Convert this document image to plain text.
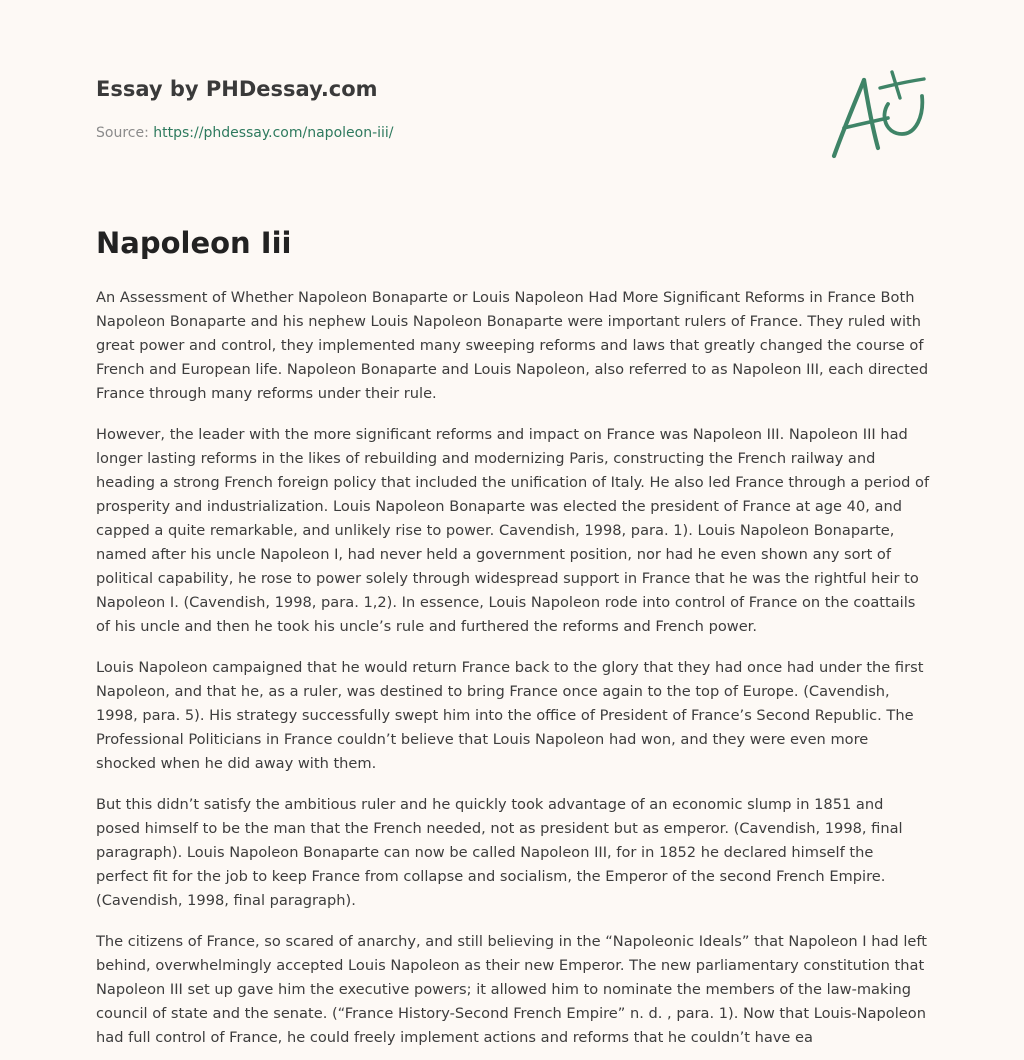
Essay by PHDessay.com
Source: https://phdessay.com/napoleon-iii/
Napoleon Iii

An Assessment of Whether Napoleon Bonaparte or Louis Napoleon Had More Significant Reforms in France Both Napoleon Bonaparte and his nephew Louis Napoleon Bonaparte were important rulers of France. They ruled with great power and control, they implemented many sweeping reforms and laws that greatly changed the course of French and European life. Napoleon Bonaparte and Louis Napoleon, also referred to as Napoleon III, each directed France through many reforms under their rule.

However, the leader with the more significant reforms and impact on France was Napoleon III. Napoleon III had longer lasting reforms in the likes of rebuilding and modernizing Paris, constructing the French railway and heading a strong French foreign policy that included the unification of Italy. He also led France through a period of prosperity and industrialization. Louis Napoleon Bonaparte was elected the president of France at age 40, and capped a quite remarkable, and unlikely rise to power. Cavendish, 1998, para. 1). Louis Napoleon Bonaparte, named after his uncle Napoleon I, had never held a government position, nor had he even shown any sort of political capability, he rose to power solely through widespread support in France that he was the rightful heir to Napoleon I. (Cavendish, 1998, para. 1,2). In essence, Louis Napoleon rode into control of France on the coattails of his uncle and then he took his uncle’s rule and furthered the reforms and French power.

Louis Napoleon campaigned that he would return France back to the glory that they had once had under the first Napoleon, and that he, as a ruler, was destined to bring France once again to the top of Europe. (Cavendish, 1998, para. 5). His strategy successfully swept him into the office of President of France’s Second Republic. The Professional Politicians in France couldn’t believe that Louis Napoleon had won, and they were even more shocked when he did away with them.

But this didn’t satisfy the ambitious ruler and he quickly took advantage of an economic slump in 1851 and posed himself to be the man that the French needed, not as president but as emperor. (Cavendish, 1998, final paragraph). Louis Napoleon Bonaparte can now be called Napoleon III, for in 1852 he declared himself the perfect fit for the job to keep France from collapse and socialism, the Emperor of the second French Empire. (Cavendish, 1998, final paragraph).

The citizens of France, so scared of anarchy, and still believing in the “Napoleonic Ideals” that Napoleon I had left behind, overwhelmingly accepted Louis Napoleon as their new Emperor. The new parliamentary constitution that Napoleon III set up gave him the executive powers; it allowed him to nominate the members of the law-making council of state and the senate. (“France History-Second French Empire” n. d. , para. 1). Now that Louis-Napoleon had full control of France, he could freely implement actions and reforms that he couldn’t have ea
